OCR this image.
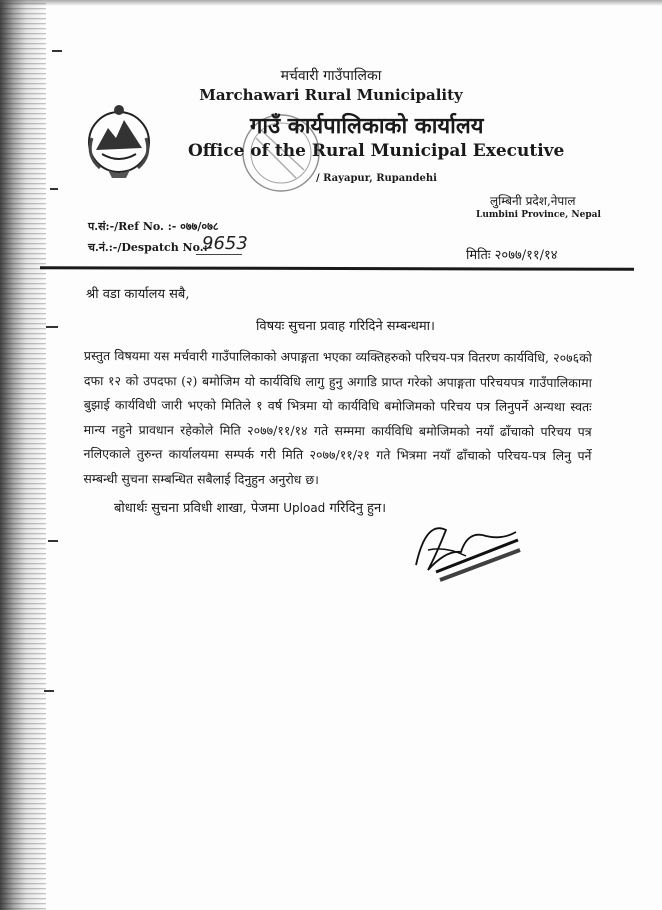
मर्चवारी गाउँपालिका
Marchawari Rural Municipality
गाउँ कार्यपालिकाको कार्यालय
Office of the Rural Municipal Executive
/ Rayapur, Rupandehi
लुम्बिनी प्रदेश,नेपाल
Lumbini Province, Nepal
प.सं:-/Ref No. :- ०७७/०७८
च.नं.:-/Despatch No.:-
9653
मितिः २०७७/११/१४
श्री वडा कार्यालय सबै,
विषयः सुचना प्रवाह गरिदिने सम्बन्धमा।
प्रस्तुत विषयमा यस मर्चवारी गाउँपालिकाको अपाङ्गता भएका व्यक्तिहरुको परिचय-पत्र वितरण कार्यविधि, २०७६को दफा १२ को उपदफा (२) बमोजिम यो कार्यविधि लागु हुनु अगाडि प्राप्त गरेको अपाङ्गता परिचयपत्र गाउँपालिकामा बुझाई कार्यविधी जारी भएको मितिले १ वर्ष भित्रमा यो कार्यविधि बमोजिमको परिचय पत्र लिनुपर्ने अन्यथा स्वतः मान्य नहुने प्रावधान रहेकोले मिति २०७७/११/१४ गते सम्ममा कार्यविधि बमोजिमको नयाँ ढाँचाको परिचय पत्र नलिएकाले तुरुन्त कार्यालयमा सम्पर्क गरी मिति २०७७/११/२१ गते भित्रमा नयाँ ढाँचाको परिचय-पत्र लिनु पर्ने सम्बन्धी सुचना सम्बन्धित सबैलाई दिनुहुन अनुरोध छ।
बोधार्थः सुचना प्रविधी शाखा, पेजमा Upload गरिदिनु हुन।
